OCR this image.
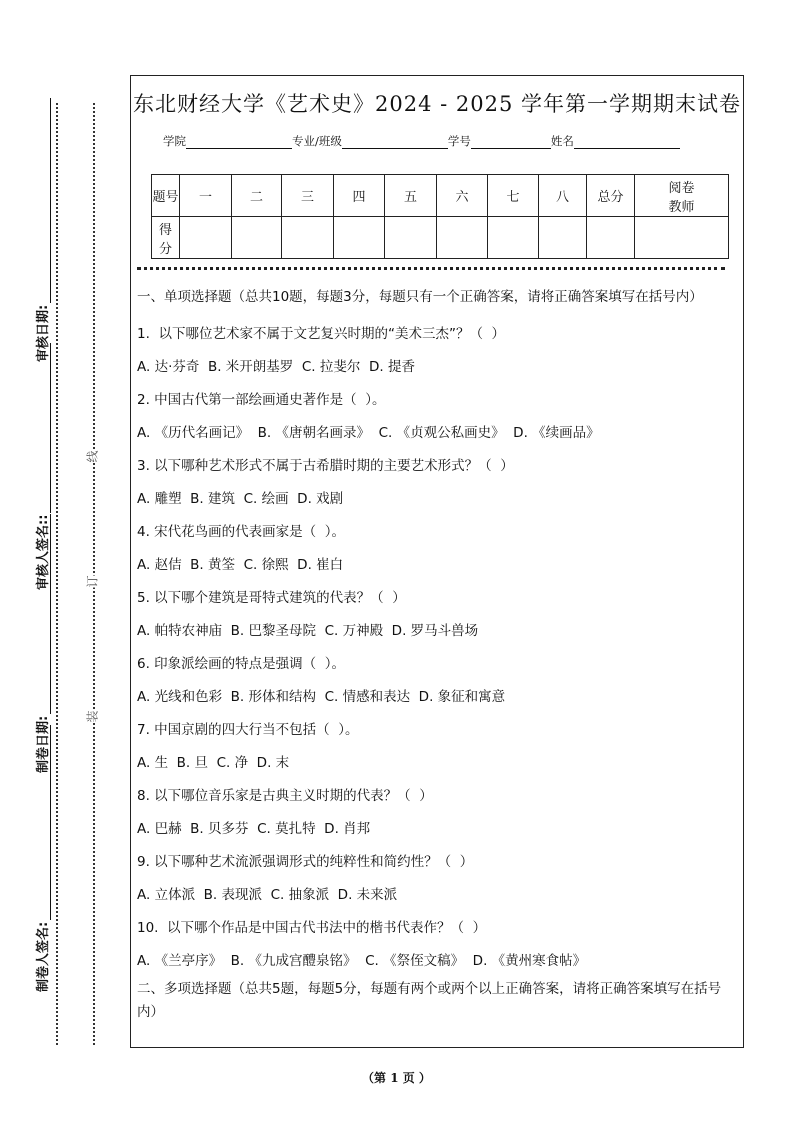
审核日期:
审核人签名::
制卷日期:
制卷人签名:
线
订
装
东北财经大学《艺术史》2024 - 2025 学年第一学期期末试卷
学院	专业/班级	学号	姓名
题号	一	二	三	四	五	六	七	八	总分	阅卷教师
得分										
一、单项选择题（总共10题，每题3分，每题只有一个正确答案，请将正确答案填写在括号内）
1.  以下哪位艺术家不属于文艺复兴时期的“美术三杰”？（  ）
A. 达·芬奇  B. 米开朗基罗  C. 拉斐尔  D. 提香
2. 中国古代第一部绘画通史著作是（  ）。
A. 《历代名画记》  B. 《唐朝名画录》  C. 《贞观公私画史》  D. 《续画品》
3. 以下哪种艺术形式不属于古希腊时期的主要艺术形式？（  ）
A. 雕塑  B. 建筑  C. 绘画  D. 戏剧
4. 宋代花鸟画的代表画家是（  ）。
A. 赵佶  B. 黄筌  C. 徐熙  D. 崔白
5. 以下哪个建筑是哥特式建筑的代表？（  ）
A. 帕特农神庙  B. 巴黎圣母院  C. 万神殿  D. 罗马斗兽场
6. 印象派绘画的特点是强调（  ）。
A. 光线和色彩  B. 形体和结构  C. 情感和表达  D. 象征和寓意
7. 中国京剧的四大行当不包括（  ）。
A. 生  B. 旦  C. 净  D. 末
8. 以下哪位音乐家是古典主义时期的代表？（  ）
A. 巴赫  B. 贝多芬  C. 莫扎特  D. 肖邦
9. 以下哪种艺术流派强调形式的纯粹性和简约性？（  ）
A. 立体派  B. 表现派  C. 抽象派  D. 未来派
10.  以下哪个作品是中国古代书法中的楷书代表作？（  ）
A. 《兰亭序》  B. 《九成宫醴泉铭》  C. 《祭侄文稿》  D. 《黄州寒食帖》
二、多项选择题（总共5题，每题5分，每题有两个或两个以上正确答案，请将正确答案填写在括号内）
（第 1 页 ）
